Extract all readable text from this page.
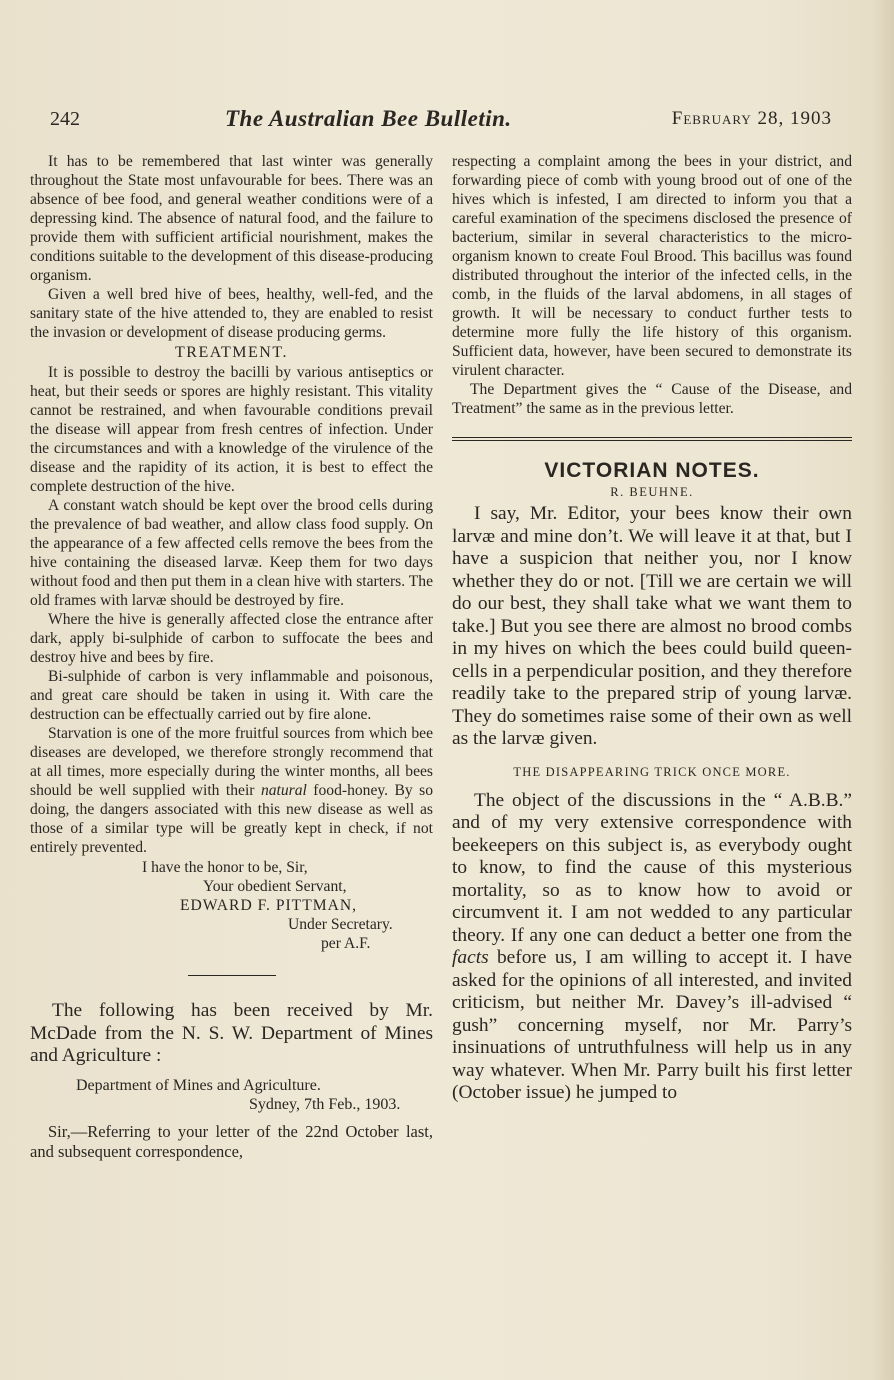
242	The Australian Bee Bulletin.	February 28, 1903

It has to be remembered that last winter was generally throughout the State most unfavourable for bees. There was an absence of bee food, and general weather conditions were of a depressing kind. The absence of natural food, and the failure to provide them with sufficient artificial nourishment, makes the conditions suitable to the development of this disease-producing organism.

Given a well bred hive of bees, healthy, well-fed, and the sanitary state of the hive attended to, they are enabled to resist the invasion or development of disease producing germs.

TREATMENT.

It is possible to destroy the bacilli by various antiseptics or heat, but their seeds or spores are highly resistant. This vitality cannot be restrained, and when favourable conditions prevail the disease will appear from fresh centres of infection. Under the circumstances and with a knowledge of the virulence of the disease and the rapidity of its action, it is best to effect the complete destruction of the hive.

A constant watch should be kept over the brood cells during the prevalence of bad weather, and allow class food supply. On the appearance of a few affected cells remove the bees from the hive containing the diseased larvæ. Keep them for two days without food and then put them in a clean hive with starters. The old frames with larvæ should be destroyed by fire.

Where the hive is generally affected close the entrance after dark, apply bi-sulphide of carbon to suffocate the bees and destroy hive and bees by fire.

Bi-sulphide of carbon is very inflammable and poisonous, and great care should be taken in using it. With care the destruction can be effectually carried out by fire alone.

Starvation is one of the more fruitful sources from which bee diseases are developed, we therefore strongly recommend that at all times, more especially during the winter months, all bees should be well supplied with their natural food-honey. By so doing, the dangers associated with this new disease as well as those of a similar type will be greatly kept in check, if not entirely prevented.

I have the honor to be, Sir,

Your obedient Servant,

EDWARD F. PITTMAN,

Under Secretary.

per A.F.

The following has been received by Mr. McDade from the N. S. W. Department of Mines and Agriculture :

Department of Mines and Agriculture.

Sydney, 7th Feb., 1903.

Sir,—Referring to your letter of the 22nd October last, and subsequent correspondence,

respecting a complaint among the bees in your district, and forwarding piece of comb with young brood out of one of the hives which is infested, I am directed to inform you that a careful examination of the specimens disclosed the presence of bacterium, similar in several characteristics to the micro-organism known to create Foul Brood. This bacillus was found distributed throughout the interior of the infected cells, in the comb, in the fluids of the larval abdomens, in all stages of growth. It will be necessary to conduct further tests to determine more fully the life history of this organism. Sufficient data, however, have been secured to demonstrate its virulent character.

The Department gives the “ Cause of the Disease, and Treatment” the same as in the previous letter.

VICTORIAN NOTES.

R. BEUHNE.

I say, Mr. Editor, your bees know their own larvæ and mine don’t. We will leave it at that, but I have a suspicion that neither you, nor I know whether they do or not. [Till we are certain we will do our best, they shall take what we want them to take.] But you see there are almost no brood combs in my hives on which the bees could build queen-cells in a perpendicular position, and they therefore readily take to the prepared strip of young larvæ. They do sometimes raise some of their own as well as the larvæ given.

THE DISAPPEARING TRICK ONCE MORE.

The object of the discussions in the “ A.B.B.” and of my very extensive correspondence with beekeepers on this subject is, as everybody ought to know, to find the cause of this mysterious mortality, so as to know how to avoid or circumvent it. I am not wedded to any particular theory. If any one can deduct a better one from the facts before us, I am willing to accept it. I have asked for the opinions of all interested, and invited criticism, but neither Mr. Davey’s ill-advised “ gush” concerning myself, nor Mr. Parry’s insinuations of untruthfulness will help us in any way whatever. When Mr. Parry built his first letter (October issue) he jumped to
